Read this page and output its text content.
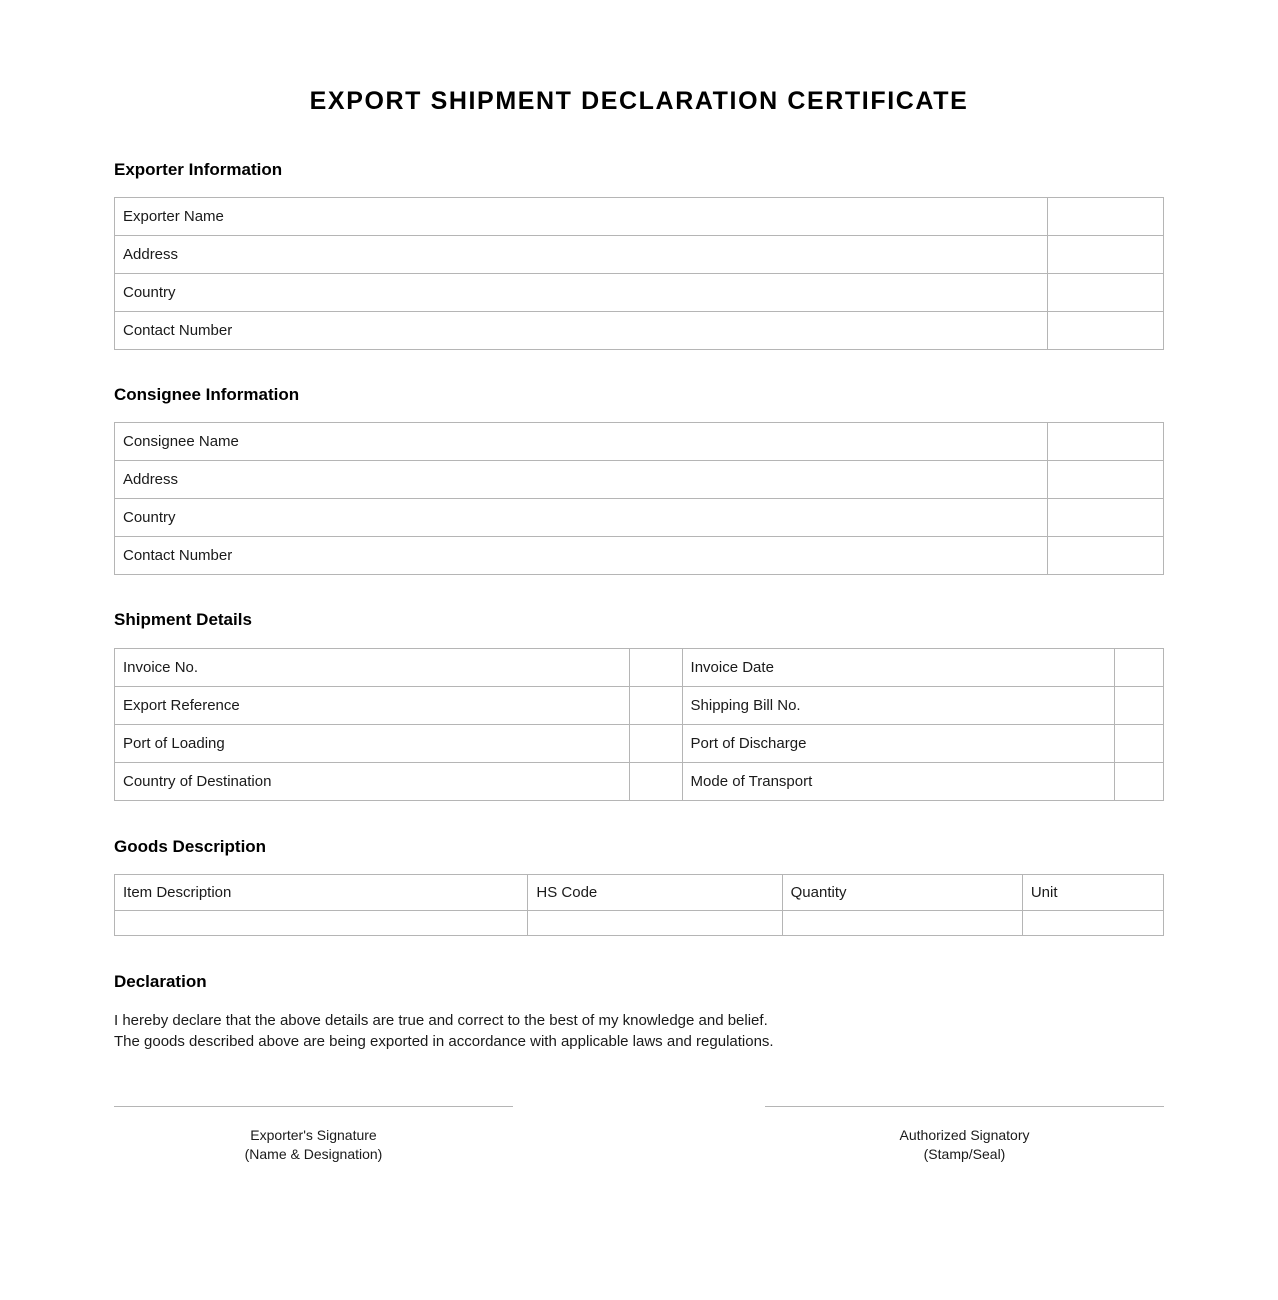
EXPORT SHIPMENT DECLARATION CERTIFICATE
Exporter Information
Exporter Name	
Address	
Country	
Contact Number	
Consignee Information
Consignee Name	
Address	
Country	
Contact Number	
Shipment Details
Invoice No.		Invoice Date	
Export Reference		Shipping Bill No.	
Port of Loading		Port of Discharge	
Country of Destination		Mode of Transport	
Goods Description
Item Description	HS Code	Quantity	Unit

Declaration
I hereby declare that the above details are true and correct to the best of my knowledge and belief.
The goods described above are being exported in accordance with applicable laws and regulations.
Exporter's Signature
(Name & Designation)
Authorized Signatory
(Stamp/Seal)
